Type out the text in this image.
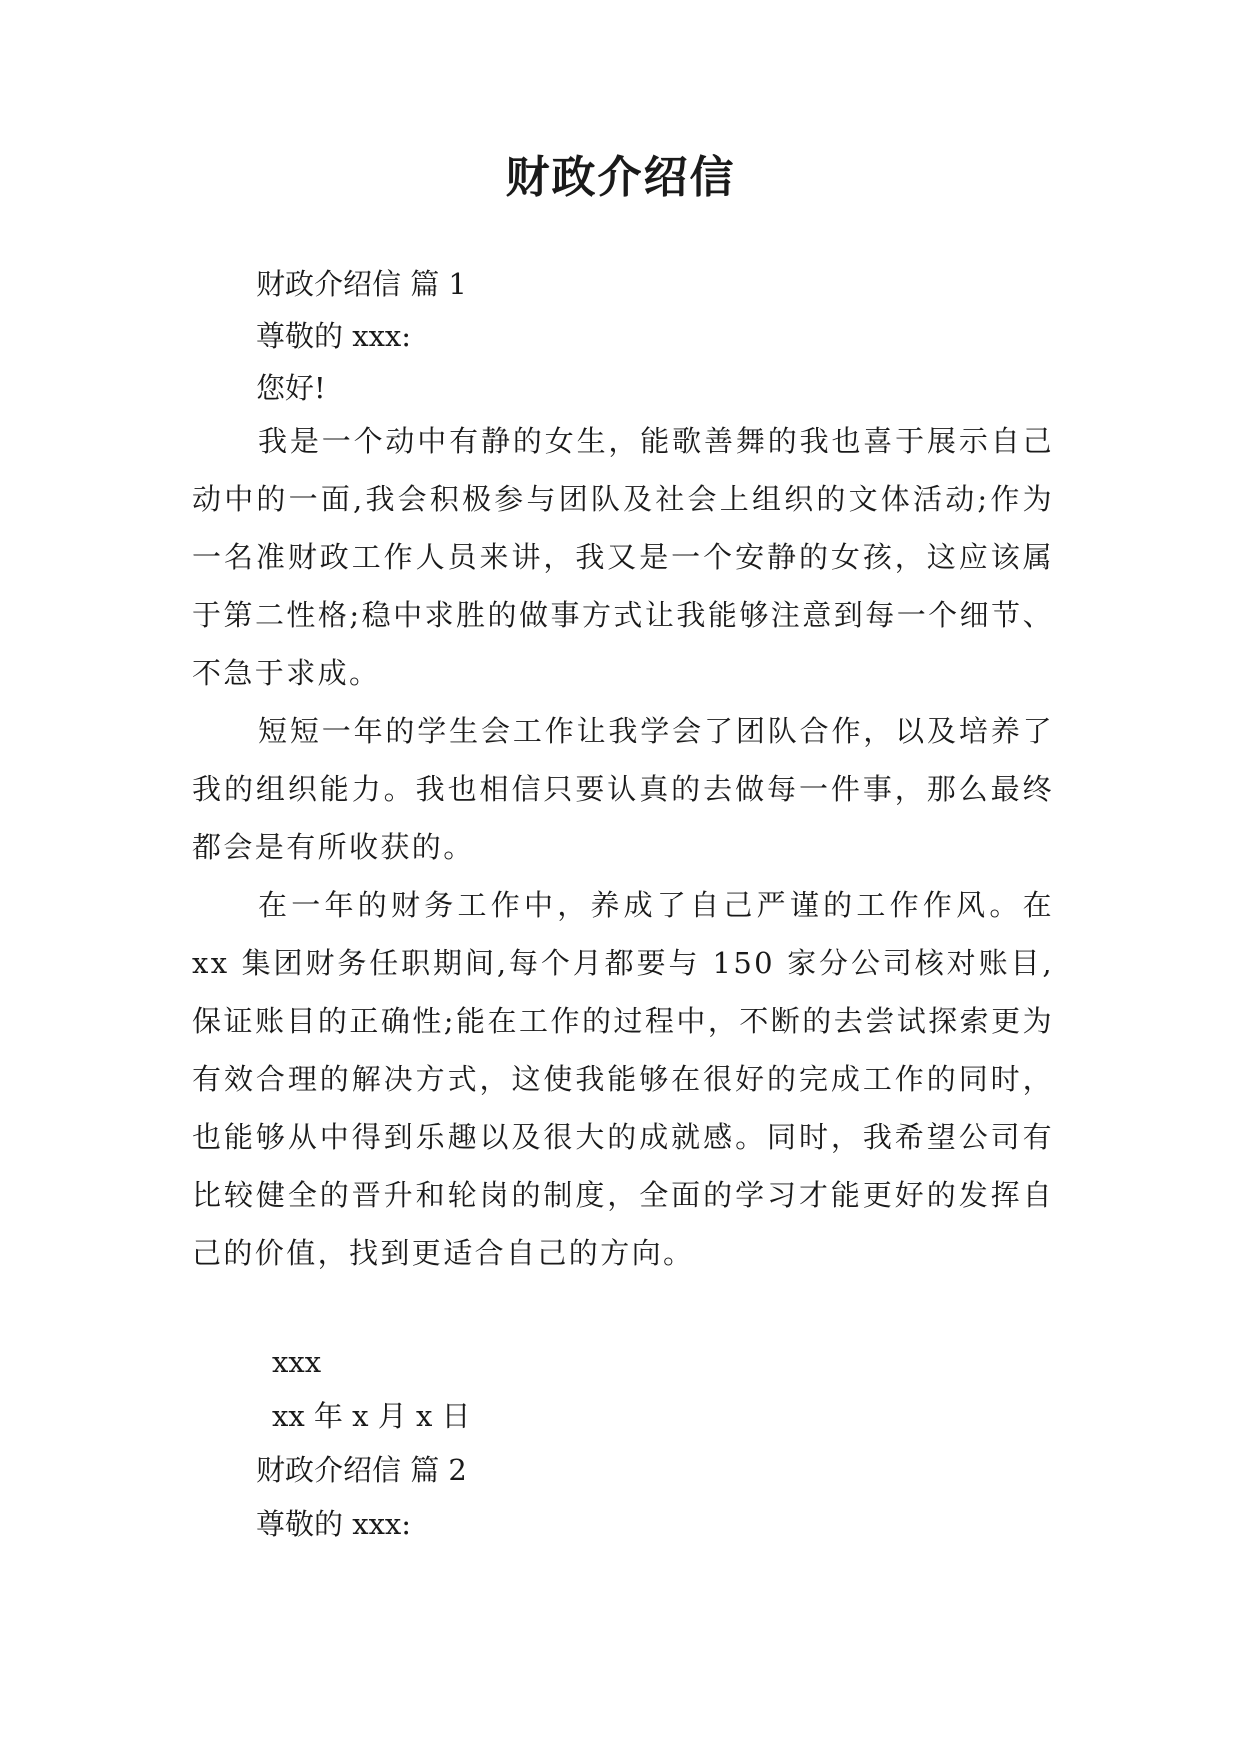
财政介绍信
财政介绍信 篇 1
尊敬的 xxx:
您好!
我是一个动中有静的女生，能歌善舞的我也喜于展示自己动中的一面,我会积极参与团队及社会上组织的文体活动;作为一名准财政工作人员来讲，我又是一个安静的女孩，这应该属于第二性格;稳中求胜的做事方式让我能够注意到每一个细节、不急于求成。
短短一年的学生会工作让我学会了团队合作，以及培养了我的组织能力。我也相信只要认真的去做每一件事，那么最终都会是有所收获的。
在一年的财务工作中，养成了自己严谨的工作作风。在 xx 集团财务任职期间,每个月都要与 150 家分公司核对账目,保证账目的正确性;能在工作的过程中，不断的去尝试探索更为有效合理的解决方式，这使我能够在很好的完成工作的同时，也能够从中得到乐趣以及很大的成就感。同时，我希望公司有比较健全的晋升和轮岗的制度，全面的学习才能更好的发挥自己的价值，找到更适合自己的方向。
xxx
xx 年 x 月 x 日
财政介绍信 篇 2
尊敬的 xxx:
